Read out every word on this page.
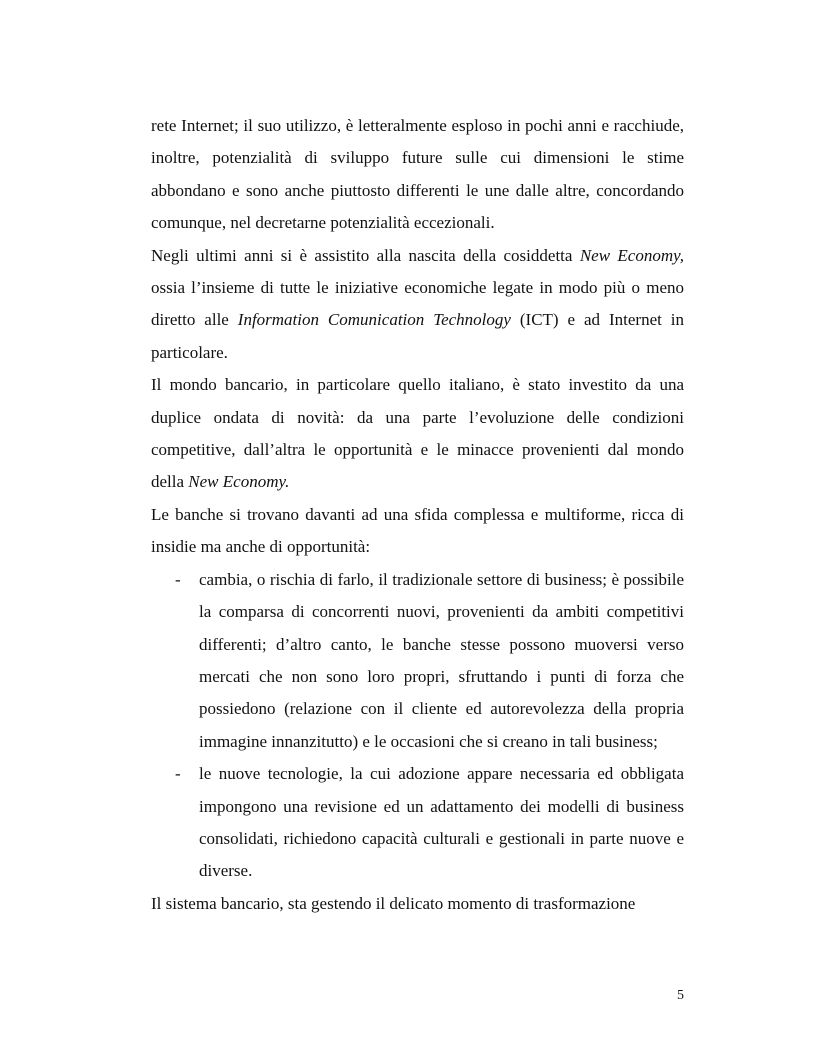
rete Internet; il suo utilizzo, è letteralmente esploso in pochi anni e racchiude, inoltre, potenzialità di sviluppo future sulle cui dimensioni le stime abbondano e sono anche piuttosto differenti le une dalle altre, concordando comunque, nel decretarne potenzialità eccezionali.

Negli ultimi anni si è assistito alla nascita della cosiddetta New Economy, ossia l’insieme di tutte le iniziative economiche legate in modo più o meno diretto alle Information Comunication Technology (ICT) e ad Internet in particolare.

Il mondo bancario, in particolare quello italiano, è stato investito da una duplice ondata di novità: da una parte l’evoluzione delle condizioni competitive, dall’altra le opportunità e le minacce provenienti dal mondo della New Economy.

Le banche si trovano davanti ad una sfida complessa e multiforme, ricca di insidie ma anche di opportunità:

- cambia, o rischia di farlo, il tradizionale settore di business; è possibile la comparsa di concorrenti nuovi, provenienti da ambiti competitivi differenti; d’altro canto, le banche stesse possono muoversi verso mercati che non sono loro propri, sfruttando i punti di forza che possiedono (relazione con il cliente ed autorevolezza della propria immagine innanzitutto) e le occasioni che si creano in tali business;
- le nuove tecnologie, la cui adozione appare necessaria ed obbligata impongono una revisione ed un adattamento dei modelli di business consolidati, richiedono capacità culturali e gestionali in parte nuove e diverse.

Il sistema bancario, sta gestendo il delicato momento di trasformazione

5
